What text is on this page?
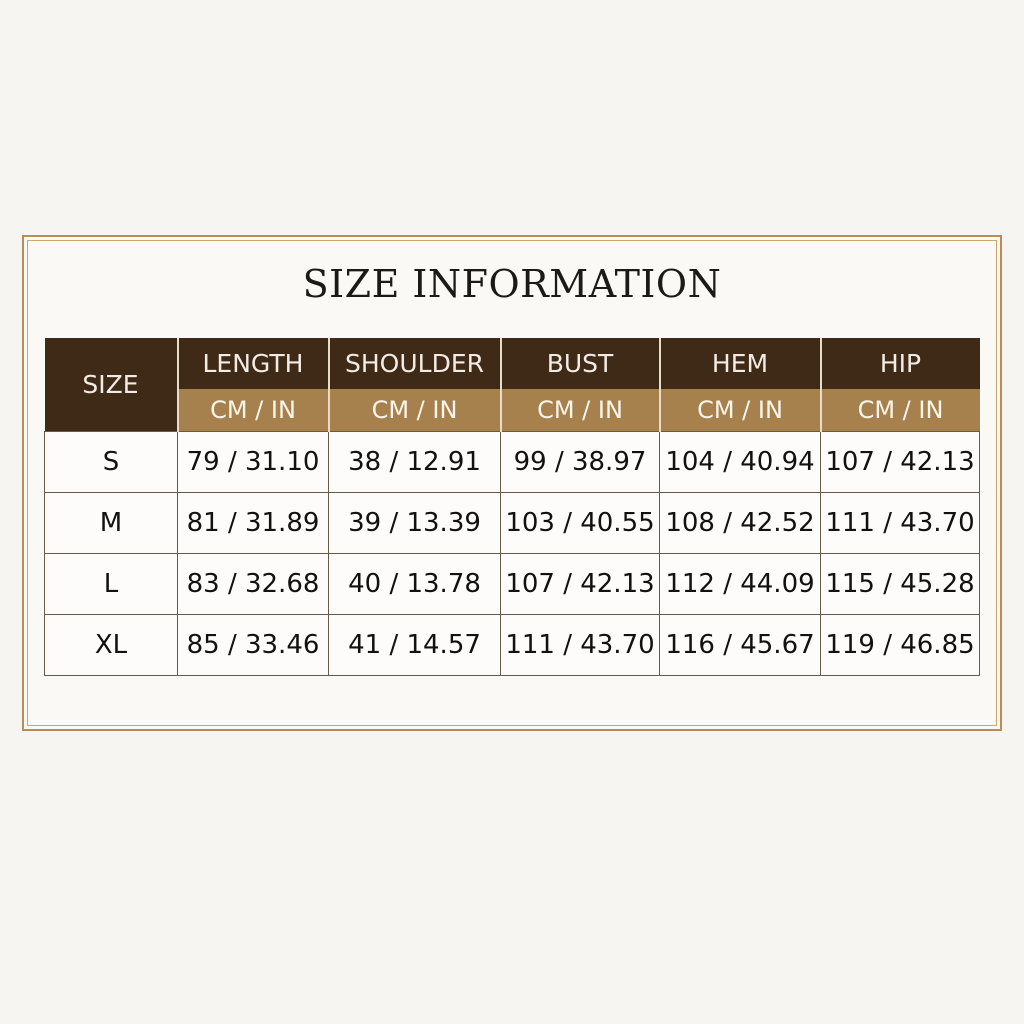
SIZE INFORMATION
SIZE	LENGTH	SHOULDER	BUST	HEM	HIP
	CM / IN	CM / IN	CM / IN	CM / IN	CM / IN
S	79 / 31.10	38 / 12.91	99 / 38.97	104 / 40.94	107 / 42.13
M	81 / 31.89	39 / 13.39	103 / 40.55	108 / 42.52	111 / 43.70
L	83 / 32.68	40 / 13.78	107 / 42.13	112 / 44.09	115 / 45.28
XL	85 / 33.46	41 / 14.57	111 / 43.70	116 / 45.67	119 / 46.85
